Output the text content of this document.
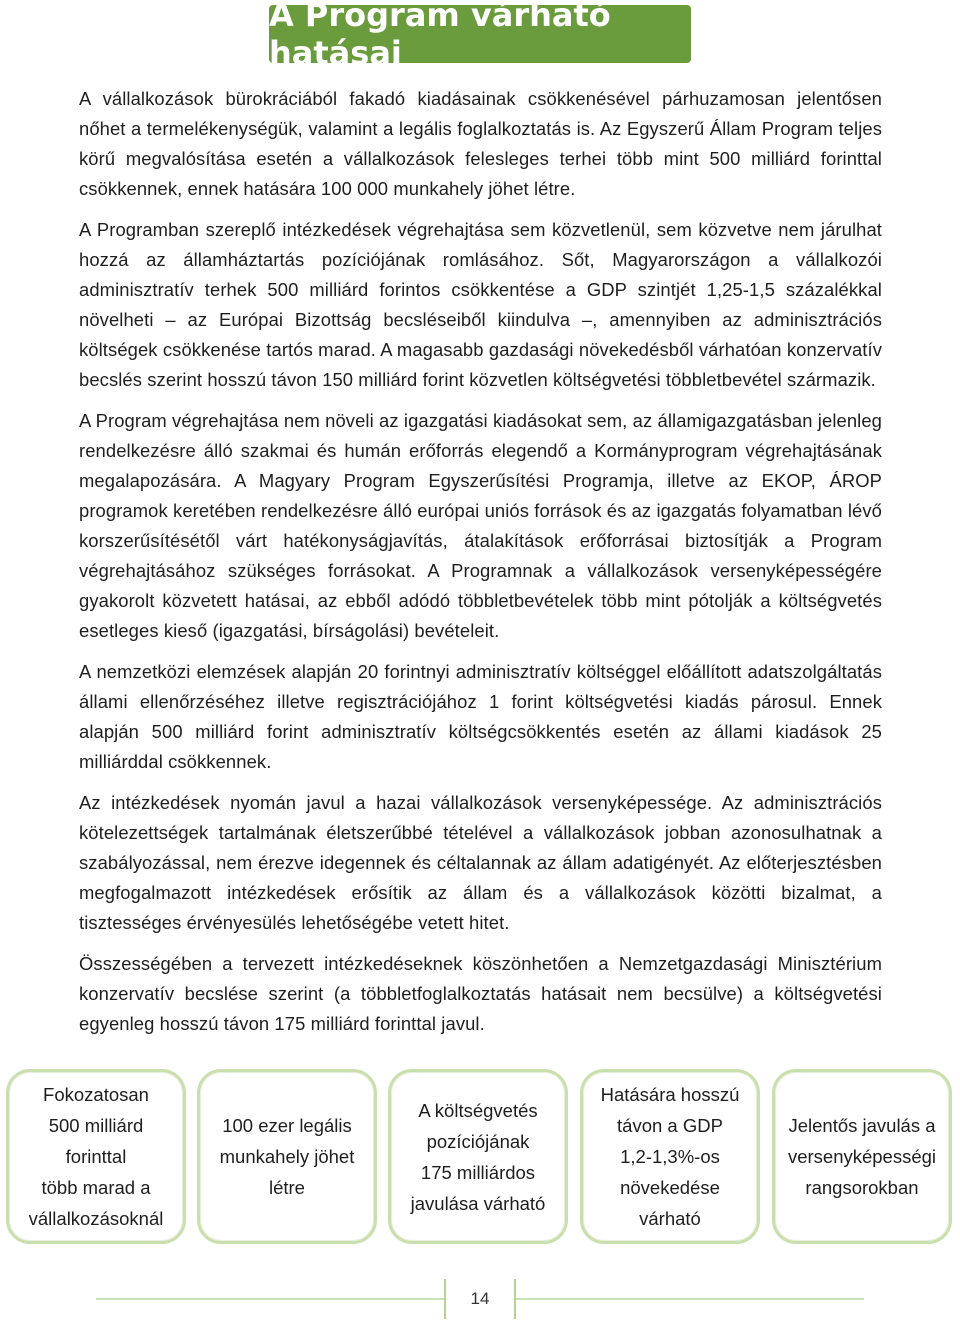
A Program várható hatásai

A vállalkozások bürokráciából fakadó kiadásainak csökkenésével párhuzamosan jelentősen nőhet a termelékenységük, valamint a legális foglalkoztatás is. Az Egyszerű Állam Program teljes körű megvalósítása esetén a vállalkozások felesleges terhei több mint 500 milliárd forinttal csökkennek, ennek hatására 100 000 munkahely jöhet létre.

A Programban szereplő intézkedések végrehajtása sem közvetlenül, sem közvetve nem járulhat hozzá az államháztartás pozíciójának romlásához. Sőt, Magyarországon a vállalkozói adminisztratív terhek 500 milliárd forintos csökkentése a GDP szintjét 1,25-1,5 százalékkal növelheti – az Európai Bizottság becsléseiből kiindulva –, amennyiben az adminisztrációs költségek csökkenése tartós marad. A magasabb gazdasági növekedésből várhatóan konzervatív becslés szerint hosszú távon 150 milliárd forint közvetlen költségvetési többletbevétel származik.

A Program végrehajtása nem növeli az igazgatási kiadásokat sem, az államigazgatásban jelenleg rendelkezésre álló szakmai és humán erőforrás elegendő a Kormányprogram végrehajtásának megalapozására. A Magyary Program Egyszerűsítési Programja, illetve az EKOP, ÁROP programok keretében rendelkezésre álló európai uniós források és az igazgatás folyamatban lévő korszerűsítésétől várt hatékonyságjavítás, átalakítások erőforrásai biztosítják a Program végrehajtásához szükséges forrásokat. A Programnak a vállalkozások versenyképességére gyakorolt közvetett hatásai, az ebből adódó többletbevételek több mint pótolják a költségvetés esetleges kieső (igazgatási, bírságolási) bevételeit.

A nemzetközi elemzések alapján 20 forintnyi adminisztratív költséggel előállított adatszolgáltatás állami ellenőrzéséhez illetve regisztrációjához 1 forint költségvetési kiadás párosul. Ennek alapján 500 milliárd forint adminisztratív költségcsökkentés esetén az állami kiadások 25 milliárddal csökkennek.

Az intézkedések nyomán javul a hazai vállalkozások versenyképessége. Az adminisztrációs kötelezettségek tartalmának életszerűbbé tételével a vállalkozások jobban azonosulhatnak a szabályozással, nem érezve idegennek és céltalannak az állam adatigényét. Az előterjesztésben megfogalmazott intézkedések erősítik az állam és a vállalkozások közötti bizalmat, a tisztességes érvényesülés lehetőségébe vetett hitet.

Összességében a tervezett intézkedéseknek köszönhetően a Nemzetgazdasági Minisztérium konzervatív becslése szerint (a többletfoglalkoztatás hatásait nem becsülve) a költségvetési egyenleg hosszú távon 175 milliárd forinttal javul.

Fokozatosan
500 milliárd
forinttal
több marad a
vállalkozásoknál
100 ezer legális
munkahely jöhet
létre
A költségvetés
pozíciójának
175 milliárdos
javulása várható
Hatására hosszú
távon a GDP
1,2-1,3%-os
növekedése
várható
Jelentős javulás a
versenyképességi
rangsorokban
14
